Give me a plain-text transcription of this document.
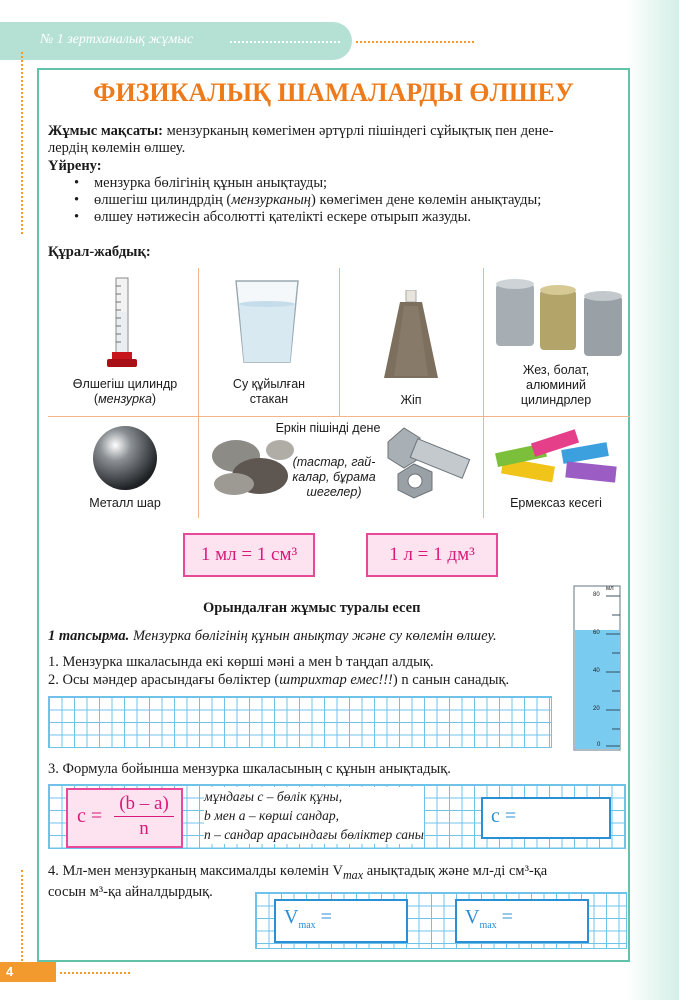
№ 1 зертханалық жұмыс
ФИЗИКАЛЫҚ ШАМАЛАРДЫ ӨЛШЕУ
Жұмыс мақсаты: мензурканың көмегімен әртүрлі пішіндегі сұйықтық пен дене-
лердің көлемін өлшеу.
Үйрену:
• мензурка бөлігінің құнын анықтауды;
• өлшегіш цилиндрдің (мензурканың) көмегімен дене көлемін анықтауды;
• өлшеу нәтижесін абсолютті қателікті ескере отырып жазуды.
Құрал-жабдық:
Өлшегіш цилиндр
(мензурка)
Су құйылған
стакан	Жіп
Жез, болат,
алюминий
цилиндрлер
Металл шар
Еркін пішінді дене
(тастар, гай-
калар, бұрама
шегелер)
Ермексаз кесегі
1 мл = 1 см³	1 л = 1 дм³
мл
80
60
40
20
0
Орындалған жұмыс туралы есеп
1 тапсырма. Мензурка бөлігінің құнын анықтау және су көлемін өлшеу.
1. Мензурка шкаласында екі көрші мәні а мен b таңдап алдық.
2. Осы мәндер арасындағы бөліктер (штрихтар емес!!!) n санын санадық.
3. Формула бойынша мензурка шкаласының с құнын анықтадық.
c =
(b – a)
n
мұндағы с – бөлік құны,
b мен a – көрші сандар,
n – сандар арасындағы бөліктер саны
c =
4. Мл-мен мензурканың максималды көлемін $V_{max}$ анықтадық және мл-ді см³-қа
сосын м³-қа айналдырдық.
$V_{max}$ =	$V_{max}$ =
4
